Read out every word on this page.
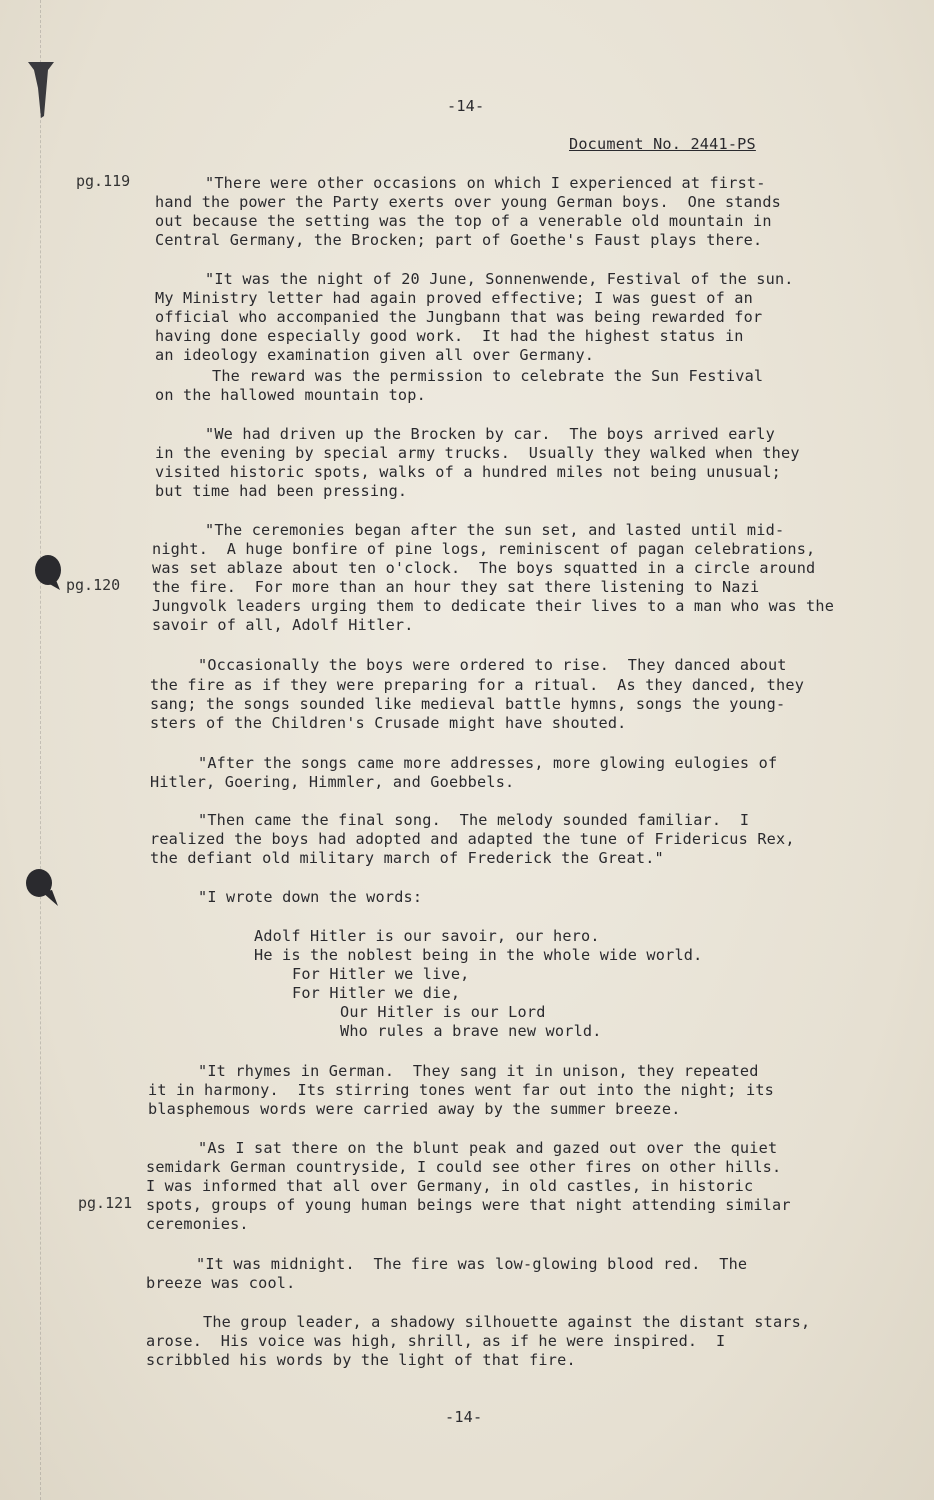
-14-
Document No. 2441-PS
pg.119
pg.120
pg.121
"There were other occasions on which I experienced at first-
hand the power the Party exerts over young German boys.  One stands
out because the setting was the top of a venerable old mountain in
Central Germany, the Brocken; part of Goethe's Faust plays there.
"It was the night of 20 June, Sonnenwende, Festival of the sun.
My Ministry letter had again proved effective; I was guest of an
official who accompanied the Jungbann that was being rewarded for
having done especially good work.  It had the highest status in
an ideology examination given all over Germany.
The reward was the permission to celebrate the Sun Festival
on the hallowed mountain top.
"We had driven up the Brocken by car.  The boys arrived early
in the evening by special army trucks.  Usually they walked when they
visited historic spots, walks of a hundred miles not being unusual;
but time had been pressing.
"The ceremonies began after the sun set, and lasted until mid-
night.  A huge bonfire of pine logs, reminiscent of pagan celebrations,
was set ablaze about ten o'clock.  The boys squatted in a circle around
the fire.  For more than an hour they sat there listening to Nazi
Jungvolk leaders urging them to dedicate their lives to a man who was the
savoir of all, Adolf Hitler.
"Occasionally the boys were ordered to rise.  They danced about
the fire as if they were preparing for a ritual.  As they danced, they
sang; the songs sounded like medieval battle hymns, songs the young-
sters of the Children's Crusade might have shouted.
"After the songs came more addresses, more glowing eulogies of
Hitler, Goering, Himmler, and Goebbels.
"Then came the final song.  The melody sounded familiar.  I
realized the boys had adopted and adapted the tune of Fridericus Rex,
the defiant old military march of Frederick the Great."
"I wrote down the words:
Adolf Hitler is our savoir, our hero.
He is the noblest being in the whole wide world.
For Hitler we live,
For Hitler we die,
Our Hitler is our Lord
Who rules a brave new world.
"It rhymes in German.  They sang it in unison, they repeated
it in harmony.  Its stirring tones went far out into the night; its
blasphemous words were carried away by the summer breeze.
"As I sat there on the blunt peak and gazed out over the quiet
semidark German countryside, I could see other fires on other hills.
I was informed that all over Germany, in old castles, in historic
spots, groups of young human beings were that night attending similar
ceremonies.
"It was midnight.  The fire was low-glowing blood red.  The
breeze was cool.
The group leader, a shadowy silhouette against the distant stars,
arose.  His voice was high, shrill, as if he were inspired.  I
scribbled his words by the light of that fire.
-14-
